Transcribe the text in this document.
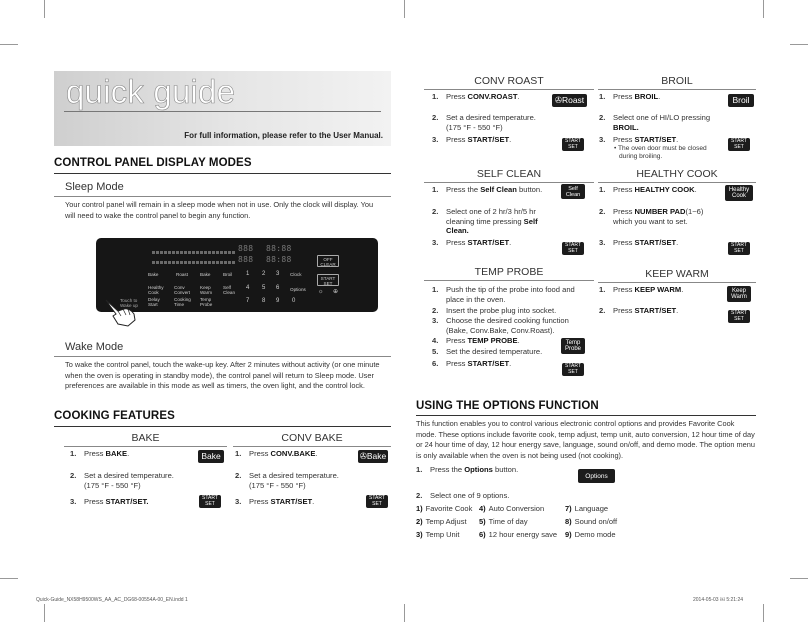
quick guide
For full information, please refer to the User Manual.
CONTROL PANEL DISPLAY MODES
Sleep Mode
Your control panel will remain in a sleep mode when not in use. Only the clock will display. You will need to wake the control panel to begin any function.
888 88:88
888 88:88
Bake	Roast	Bake	Broil 1 2 3 Clock
Healthy Cook
Conv Convert
Keep Warm
Self Clean
4 5 6 Options
Delay Start
Cooking Time
Temp Probe
7 8 9 0
OFF CLEAR
START SET
☼ ⊕
Touch to Wake up
Wake Mode
To wake the control panel, touch the wake-up key. After 2 minutes without activity (or one minute when the oven is operating in standby mode), the control panel will return to Sleep mode. User preferences are available in this mode as well as timers, the oven light, and the control lock.
COOKING FEATURES
BAKE
1. Press BAKE.	Bake
2. Set a desired temperature.
(175 °F - 550 °F)
3. Press START/SET.	START
SET
CONV BAKE
1. Press CONV.BAKE.	✇ Bake
2. Set a desired temperature.
(175 °F - 550 °F)
3. Press START/SET.	START
SET
CONV ROAST
1. Press CONV.ROAST.	✇ Roast
2. Set a desired temperature.
(175 °F - 550 °F)
3. Press START/SET.	START
SET
BROIL
1. Press BROIL.	Broil
2. Select one of HI/LO pressing
BROIL.
3. Press START/SET.
• The oven door must be closed
during broiling.
START
SET
SELF CLEAN
1. Press the Self Clean button.	Self
Clean
2. Select one of 2 hr/3 hr/5 hr
cleaning time pressing Self
Clean.
3. Press START/SET.	START
SET
HEALTHY COOK
1. Press HEALTHY COOK.	Healthy
Cook
2. Press NUMBER PAD(1~6)
which you want to set.
3. Press START/SET.	START
SET
TEMP PROBE
1. Push the tip of the probe into food and
place in the oven.
2. Insert the probe plug into socket.
3. Choose the desired cooking function
(Bake, Conv.Bake, Conv.Roast).
4. Press TEMP PROBE.	Temp
Probe
5. Set the desired temperature.
6. Press START/SET.	START
SET
KEEP WARM
1. Press KEEP WARM.	Keep
Warm
2. Press START/SET.	START
SET
USING THE OPTIONS FUNCTION
This function enables you to control various electronic control options and provides Favorite Cook mode. These options include favorite cook, temp adjust, temp unit, auto conversion, 12 hour time of day or 24 hour time of day, 12 hour energy save, language, sound on/off, and demo mode. The option menu is only available when the oven is not being used (not cooking).
1. Press the Options button.
Options
2. Select one of 9 options.
1) Favorite Cook
2) Temp Adjust
3) Temp Unit
4) Auto Conversion
5) Time of day
6) 12 hour energy save
7) Language
8) Sound on/off
9) Demo mode
Quick-Guide_NX58H9500WS_AA_AC_DG68-00554A-00_EN.indd 1	2014-05-03 ￼ 5:21:24
